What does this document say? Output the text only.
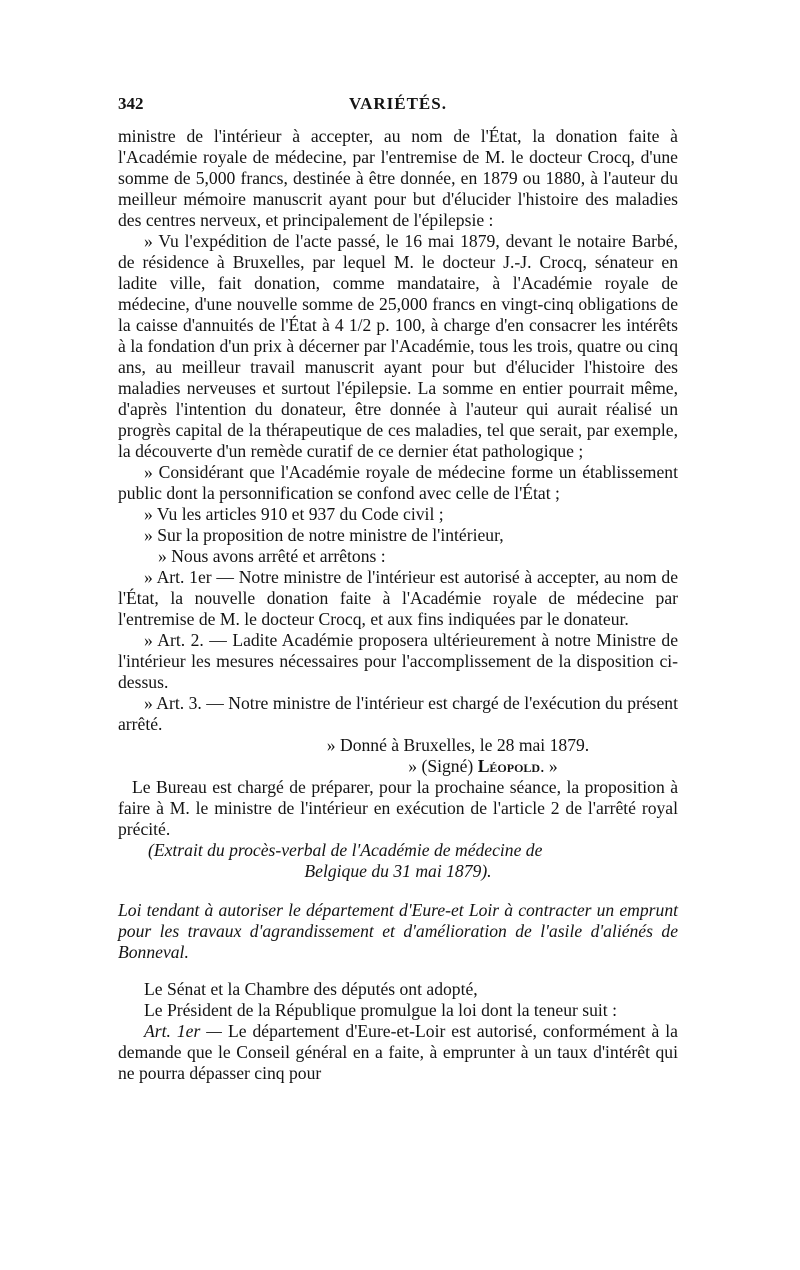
342	VARIÉTÉS.

ministre de l'intérieur à accepter, au nom de l'État, la donation faite à l'Académie royale de médecine, par l'entremise de M. le docteur Crocq, d'une somme de 5,000 francs, destinée à être donnée, en 1879 ou 1880, à l'auteur du meilleur mémoire manuscrit ayant pour but d'élucider l'histoire des maladies des centres nerveux, et principalement de l'épilepsie :

» Vu l'expédition de l'acte passé, le 16 mai 1879, devant le notaire Barbé, de résidence à Bruxelles, par lequel M. le docteur J.-J. Crocq, sénateur en ladite ville, fait donation, comme mandataire, à l'Académie royale de médecine, d'une nouvelle somme de 25,000 francs en vingt-cinq obligations de la caisse d'annuités de l'État à 4 1/2 p. 100, à charge d'en consacrer les intérêts à la fondation d'un prix à décerner par l'Académie, tous les trois, quatre ou cinq ans, au meilleur travail manuscrit ayant pour but d'élucider l'histoire des maladies nerveuses et surtout l'épilepsie. La somme en entier pourrait même, d'après l'intention du donateur, être donnée à l'auteur qui aurait réalisé un progrès capital de la thérapeutique de ces maladies, tel que serait, par exemple, la découverte d'un remède curatif de ce dernier état pathologique ;

» Considérant que l'Académie royale de médecine forme un établissement public dont la personnification se confond avec celle de l'État ;

» Vu les articles 910 et 937 du Code civil ;

» Sur la proposition de notre ministre de l'intérieur,

» Nous avons arrêté et arrêtons :

» Art. 1er — Notre ministre de l'intérieur est autorisé à accepter, au nom de l'État, la nouvelle donation faite à l'Académie royale de médecine par l'entremise de M. le docteur Crocq, et aux fins indiquées par le donateur.

» Art. 2. — Ladite Académie proposera ultérieurement à notre Ministre de l'intérieur les mesures nécessaires pour l'accomplissement de la disposition ci-dessus.

» Art. 3. — Notre ministre de l'intérieur est chargé de l'exécution du présent arrêté.

» Donné à Bruxelles, le 28 mai 1879.

» (Signé) Léopold. »

Le Bureau est chargé de préparer, pour la prochaine séance, la proposition à faire à M. le ministre de l'intérieur en exécution de l'article 2 de l'arrêté royal précité.

(Extrait du procès-verbal de l'Académie de médecine de

Belgique du 31 mai 1879).

Loi tendant à autoriser le département d'Eure-et Loir à contracter un emprunt pour les travaux d'agrandissement et d'amélioration de l'asile d'aliénés de Bonneval.

Le Sénat et la Chambre des députés ont adopté,

Le Président de la République promulgue la loi dont la teneur suit :

Art. 1er — Le département d'Eure-et-Loir est autorisé, conformément à la demande que le Conseil général en a faite, à emprunter à un taux d'intérêt qui ne pourra dépasser cinq pour
